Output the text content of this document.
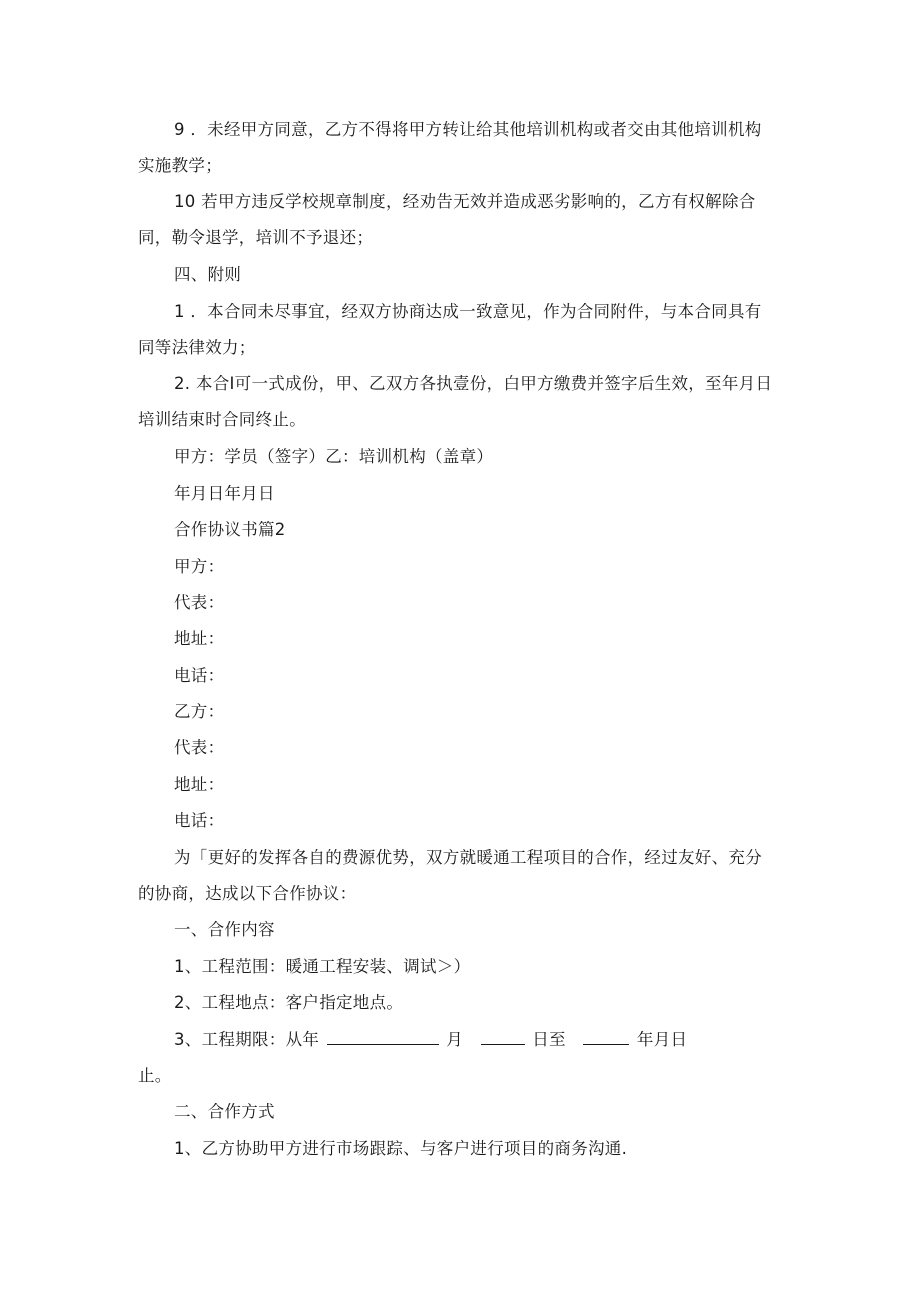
9 ．未经甲方同意，乙方不得将甲方转让给其他培训机构或者交由其他培训机构
实施教学；
10 若甲方违反学校规章制度，经劝告无效并造成恶劣影响的，乙方有权解除合
同，勒令退学，培训不予退还；
四、附则
1 ．本合同未尽事宜，经双方协商达成一致意见，作为合同附件，与本合同具有
同等法律效力；
2. 本合I可一式成份，甲、乙双方各执壹份，白甲方缴费并签字后生效，至年月日
培训结束时合同终止。
甲方：学员（签字）乙：培训机构（盖章）
年月日年月日
合作协议书篇2
甲方：
代表：
地址：
电话：
乙方：
代表：
地址：
电话：
为「更好的发挥各自的费源优势，双方就暖通工程项目的合作，经过友好、充分
的协商，达成以下合作协议：
一、合作内容
1、工程范围：暖通工程安装、调试＞）
2、工程地点：客户指定地点。
3、工程期限：从年	月	日至	年月日
止。
二、合作方式
1、乙方协助甲方进行市场跟踪、与客户进行项目的商务沟通.
